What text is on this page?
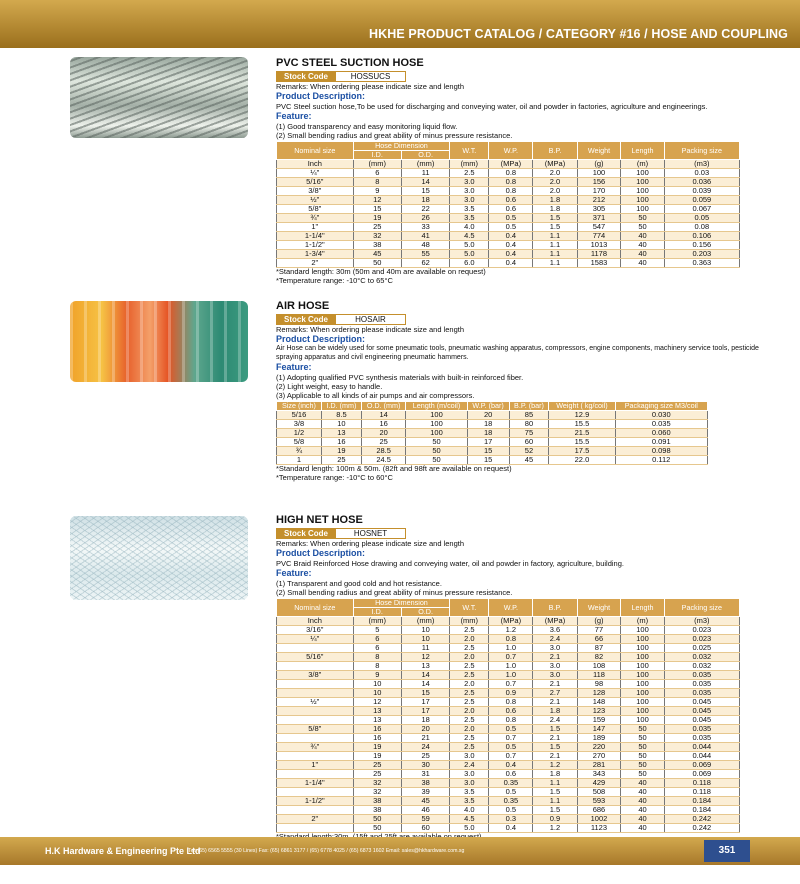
HKHE PRODUCT CATALOG / CATEGORY #16 / HOSE AND COUPLING
PVC STEEL SUCTION HOSE
Stock Code	HOSSUCS
Remarks: When ordering please indicate size and length
Product Description:
PVC Steel suction hose,To be used for discharging and conveying water, oil and powder in factories, agriculture and engineerings.
Feature:
(1) Good transparency and easy monitoring liquid flow.
(2) Small bending radius and great ability of minus pressure resistance.
Nominal size	Hose Dimension		W.T.	W.P.	B.P.	Weight	Length	Packing size
	I.D.	O.D.						
Inch	(mm)	(mm)	(mm)	(MPa)	(MPa)	(g)	(m)	(m3)
¼"	6	11	2.5	0.8	2.0	100	100	0.03
5/16"	8	14	3.0	0.8	2.0	156	100	0.036
3/8"	9	15	3.0	0.8	2.0	170	100	0.039
½"	12	18	3.0	0.6	1.8	212	100	0.059
5/8"	15	22	3.5	0.6	1.8	305	100	0.067
¾"	19	26	3.5	0.5	1.5	371	50	0.05
1"	25	33	4.0	0.5	1.5	547	50	0.08
1-1/4"	32	41	4.5	0.4	1.1	774	40	0.106
1-1/2"	38	48	5.0	0.4	1.1	1013	40	0.156
1-3/4"	45	55	5.0	0.4	1.1	1178	40	0.203
2"	50	62	6.0	0.4	1.1	1583	40	0.363
*Standard length: 30m (50m and 40m are available on request)
*Temperature range: -10°C to 65°C
AIR HOSE
Stock Code	HOSAIR
Remarks: When ordering please indicate size and length
Product Description:
Air Hose can be widely used for some pneumatic tools, pneumatic washing apparatus, compressors, engine components, machinery service tools, pesticide spraying apparatus and civil engineering pneumatic hammers.
Feature:
(1) Adopting qualified PVC synthesis materials with built-in reinforced fiber.
(2) Light weight, easy to handle.
(3) Applicable to all kinds of air pumps and air compressors.
Size (inch)	I.D. (mm)	O.D. (mm)	Length (m/coil)	W.P. (bar)	B.P. (bar)	Weight ( kg/coil)	Packaging size M3/coil
5/16	8.5	14	100	20	85	12.9	0.030
3/8	10	16	100	18	80	15.5	0.035
1/2	13	20	100	18	75	21.5	0.060
5/8	16	25	50	17	60	15.5	0.091
¾	19	28.5	50	15	52	17.5	0.098
1	25	24.5	50	15	45	22.0	0.112
*Standard length: 100m & 50m. (82ft and 98ft are available on request)
*Temperature range: -10°C to 60°C
HIGH NET HOSE
Stock Code	HOSNET
Remarks: When ordering please indicate size and length
Product Description:
PVC Braid Reinforced Hose drawing and conveying water, oil and powder in factory, agriculture, building.
Feature:
(1) Transparent and good cold and hot resistance.
(2) Small bending radius and great ability of minus pressure resistance.
Nominal size	Hose Dimension		W.T.	W.P.	B.P.	Weight	Length	Packing size
	I.D.	O.D.						
Inch	(mm)	(mm)	(mm)	(MPa)	(MPa)	(g)	(m)	(m3)
3/16"	5	10	2.5	1.2	3.6	77	100	0.023
¼"	6	10	2.0	0.8	2.4	66	100	0.023
	6	11	2.5	1.0	3.0	87	100	0.025
5/16"	8	12	2.0	0.7	2.1	82	100	0.032
	8	13	2.5	1.0	3.0	108	100	0.032
3/8"	9	14	2.5	1.0	3.0	118	100	0.035
	10	14	2.0	0.7	2.1	98	100	0.035
	10	15	2.5	0.9	2.7	128	100	0.035
½"	12	17	2.5	0.8	2.1	148	100	0.045
	13	17	2.0	0.6	1.8	123	100	0.045
	13	18	2.5	0.8	2.4	159	100	0.045
5/8"	16	20	2.0	0.5	1.5	147	50	0.035
	16	21	2.5	0.7	2.1	189	50	0.035
¾"	19	24	2.5	0.5	1.5	220	50	0.044
	19	25	3.0	0.7	2.1	270	50	0.044
1"	25	30	2.4	0.4	1.2	281	50	0.069
	25	31	3.0	0.6	1.8	343	50	0.069
1-1/4"	32	38	3.0	0.35	1.1	429	40	0.118
	32	39	3.5	0.5	1.5	508	40	0.118
1-1/2"	38	45	3.5	0.35	1.1	593	40	0.184
	38	46	4.0	0.5	1.5	686	40	0.184
2"	50	59	4.5	0.3	0.9	1002	40	0.242
	50	60	5.0	0.4	1.2	1123	40	0.242
H.K Hardware & Engineering Pte Ltd
Tel: (65) 6565 5555 (30 Lines) Fax: (65) 6861 3177 / (65) 6778 4025 / (65) 6873 1602 Email: sales@hkhardware.com.sg	351
